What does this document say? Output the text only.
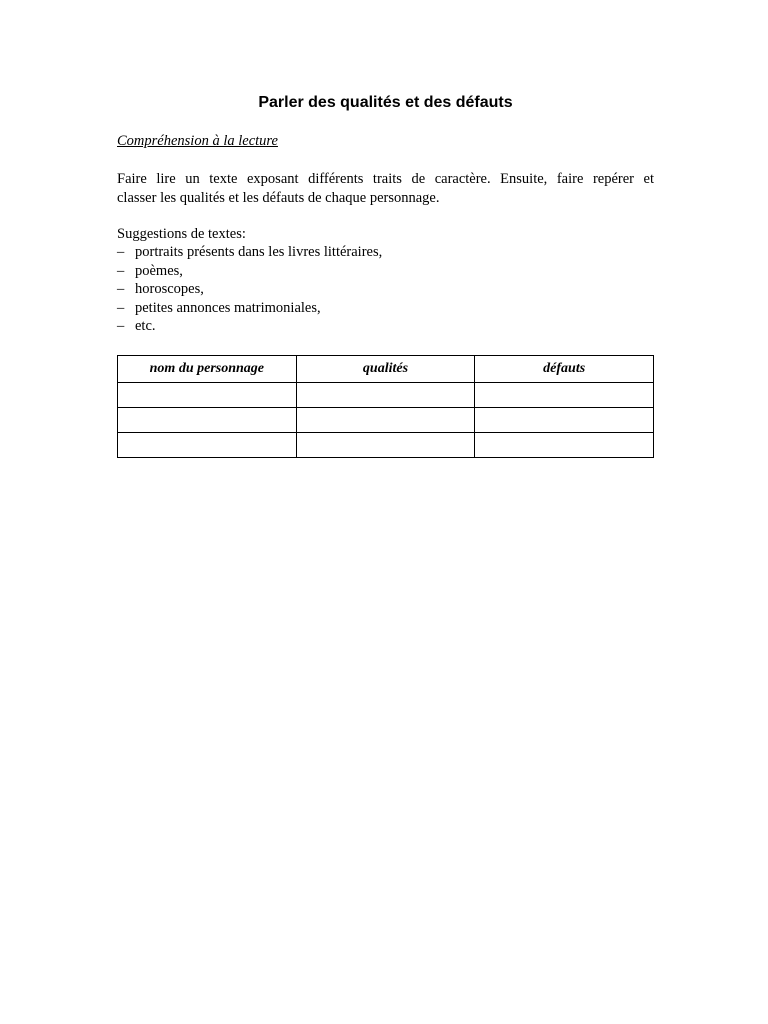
Parler des qualités et des défauts

Compréhension à la lecture

Faire lire un texte exposant différents traits de caractère. Ensuite, faire repérer et
classer les qualités et les défauts de chaque personnage.

Suggestions de textes:

– portraits présents dans les livres littéraires,
– poèmes,
– horoscopes,
– petites annonces matrimoniales,
– etc.
nom du personnage	qualités	défauts
